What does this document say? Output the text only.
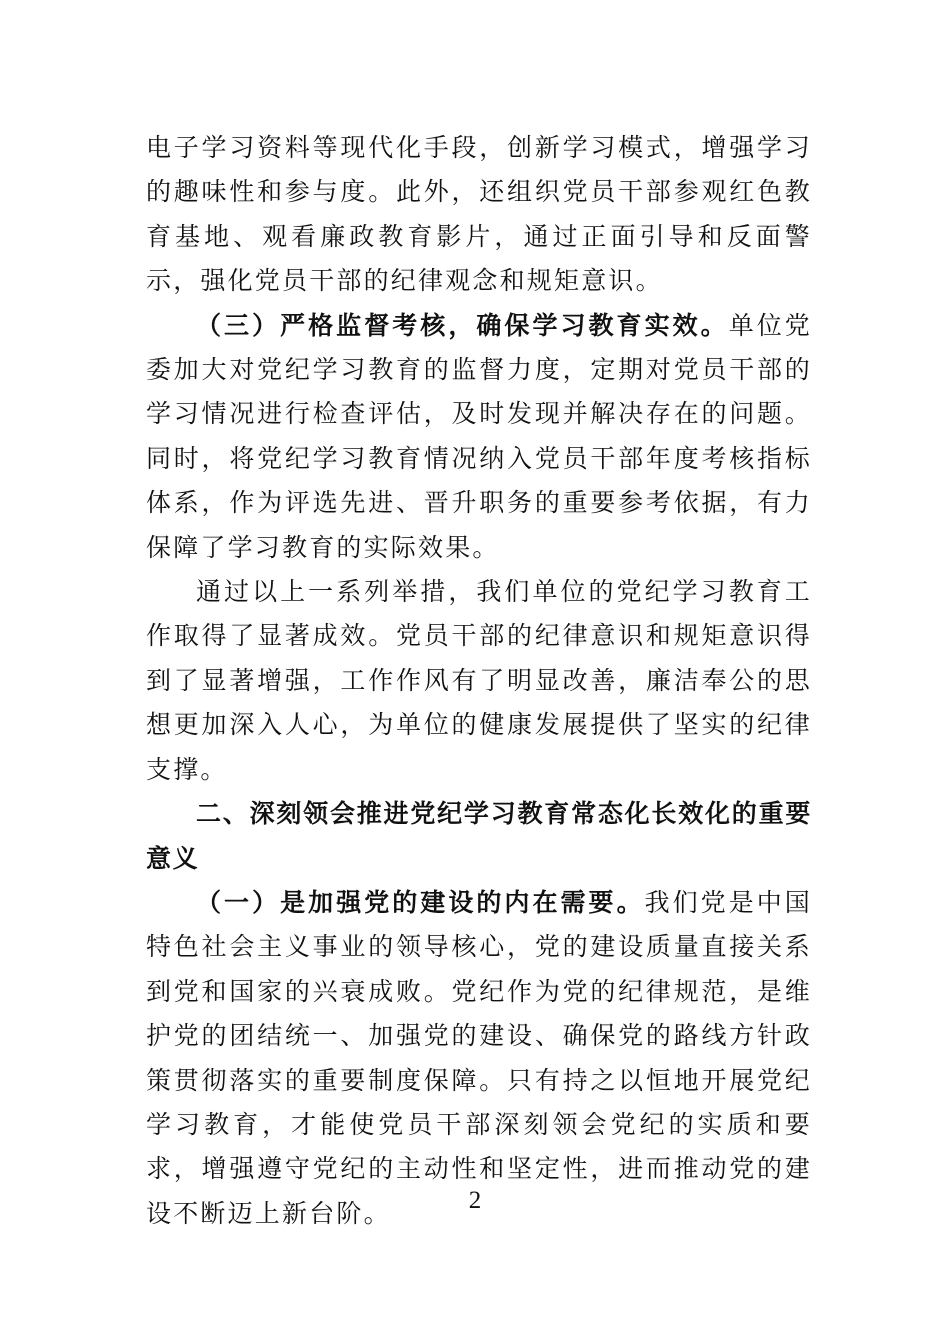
电子学习资料等现代化手段，创新学习模式，增强学习的趣味性和参与度。此外，还组织党员干部参观红色教育基地、观看廉政教育影片，通过正面引导和反面警示，强化党员干部的纪律观念和规矩意识。

（三）严格监督考核，确保学习教育实效。单位党委加大对党纪学习教育的监督力度，定期对党员干部的学习情况进行检查评估，及时发现并解决存在的问题。同时，将党纪学习教育情况纳入党员干部年度考核指标体系，作为评选先进、晋升职务的重要参考依据，有力保障了学习教育的实际效果。

通过以上一系列举措，我们单位的党纪学习教育工作取得了显著成效。党员干部的纪律意识和规矩意识得到了显著增强，工作作风有了明显改善，廉洁奉公的思想更加深入人心，为单位的健康发展提供了坚实的纪律支撑。

二、深刻领会推进党纪学习教育常态化长效化的重要意义

（一）是加强党的建设的内在需要。我们党是中国特色社会主义事业的领导核心，党的建设质量直接关系到党和国家的兴衰成败。党纪作为党的纪律规范，是维护党的团结统一、加强党的建设、确保党的路线方针政策贯彻落实的重要制度保障。只有持之以恒地开展党纪学习教育，才能使党员干部深刻领会党纪的实质和要求，增强遵守党纪的主动性和坚定性，进而推动党的建设不断迈上新台阶。	2
